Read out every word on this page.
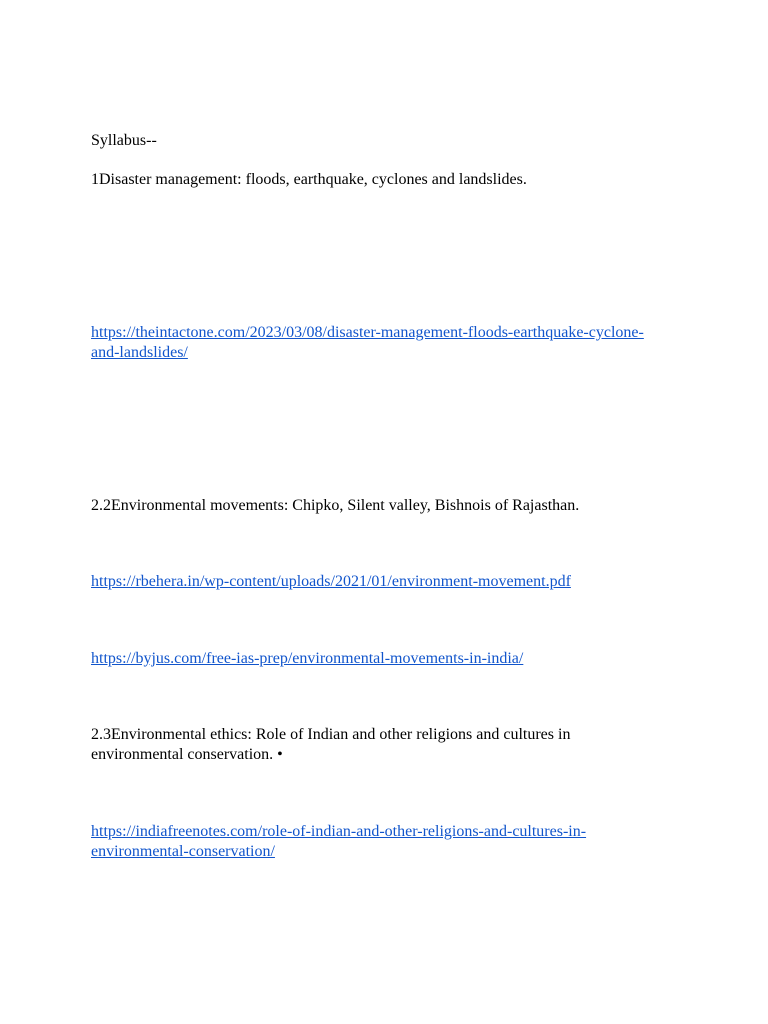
Syllabus--

1Disaster management: floods, earthquake, cyclones and landslides.

https://theintactone.com/2023/03/08/disaster-management-floods-earthquake-cyclone-
and-landslides/

2.2Environmental movements: Chipko, Silent valley, Bishnois of Rajasthan.

https://rbehera.in/wp-content/uploads/2021/01/environment-movement.pdf

https://byjus.com/free-ias-prep/environmental-movements-in-india/

2.3Environmental ethics: Role of Indian and other religions and cultures in
environmental conservation. •

https://indiafreenotes.com/role-of-indian-and-other-religions-and-cultures-in-
environmental-conservation/
